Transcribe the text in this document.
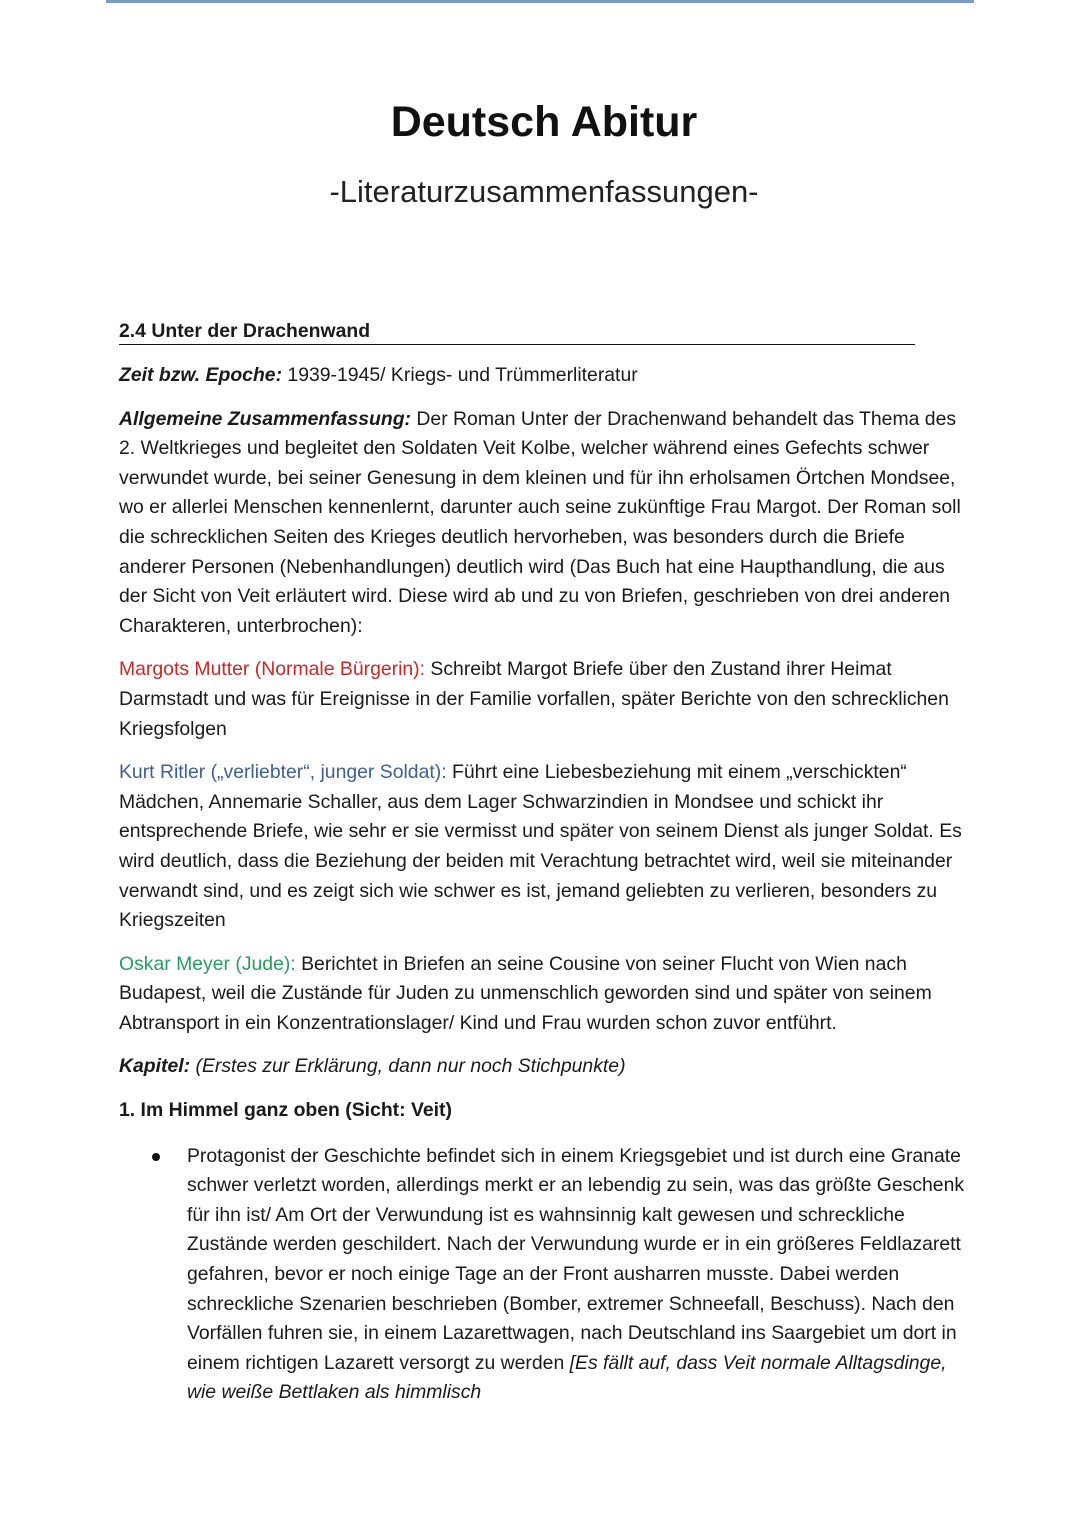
Deutsch Abitur
-Literaturzusammenfassungen-
2.4 Unter der Drachenwand

Zeit bzw. Epoche: 1939-1945/ Kriegs- und Trümmerliteratur

Allgemeine Zusammenfassung: Der Roman Unter der Drachenwand behandelt das Thema des 2. Weltkrieges und begleitet den Soldaten Veit Kolbe, welcher während eines Gefechts schwer verwundet wurde, bei seiner Genesung in dem kleinen und für ihn erholsamen Örtchen Mondsee, wo er allerlei Menschen kennenlernt, darunter auch seine zukünftige Frau Margot. Der Roman soll die schrecklichen Seiten des Krieges deutlich hervorheben, was besonders durch die Briefe anderer Personen (Nebenhandlungen) deutlich wird (Das Buch hat eine Haupthandlung, die aus der Sicht von Veit erläutert wird. Diese wird ab und zu von Briefen, geschrieben von drei anderen Charakteren, unterbrochen):

Margots Mutter (Normale Bürgerin): Schreibt Margot Briefe über den Zustand ihrer Heimat Darmstadt und was für Ereignisse in der Familie vorfallen, später Berichte von den schrecklichen Kriegsfolgen

Kurt Ritler („verliebter“, junger Soldat): Führt eine Liebesbeziehung mit einem „verschickten“ Mädchen, Annemarie Schaller, aus dem Lager Schwarzindien in Mondsee und schickt ihr entsprechende Briefe, wie sehr er sie vermisst und später von seinem Dienst als junger Soldat. Es wird deutlich, dass die Beziehung der beiden mit Verachtung betrachtet wird, weil sie miteinander verwandt sind, und es zeigt sich wie schwer es ist, jemand geliebten zu verlieren, besonders zu Kriegszeiten

Oskar Meyer (Jude): Berichtet in Briefen an seine Cousine von seiner Flucht von Wien nach Budapest, weil die Zustände für Juden zu unmenschlich geworden sind und später von seinem Abtransport in ein Konzentrationslager/ Kind und Frau wurden schon zuvor entführt.

Kapitel: (Erstes zur Erklärung, dann nur noch Stichpunkte)

1. Im Himmel ganz oben (Sicht: Veit)
Protagonist der Geschichte befindet sich in einem Kriegsgebiet und ist durch eine Granate schwer verletzt worden, allerdings merkt er an lebendig zu sein, was das größte Geschenk für ihn ist/ Am Ort der Verwundung ist es wahnsinnig kalt gewesen und schreckliche Zustände werden geschildert. Nach der Verwundung wurde er in ein größeres Feldlazarett gefahren, bevor er noch einige Tage an der Front ausharren musste. Dabei werden schreckliche Szenarien beschrieben (Bomber, extremer Schneefall, Beschuss). Nach den Vorfällen fuhren sie, in einem Lazarettwagen, nach Deutschland ins Saargebiet um dort in einem richtigen Lazarett versorgt zu werden [Es fällt auf, dass Veit normale Alltagsdinge, wie weiße Bettlaken als himmlisch
